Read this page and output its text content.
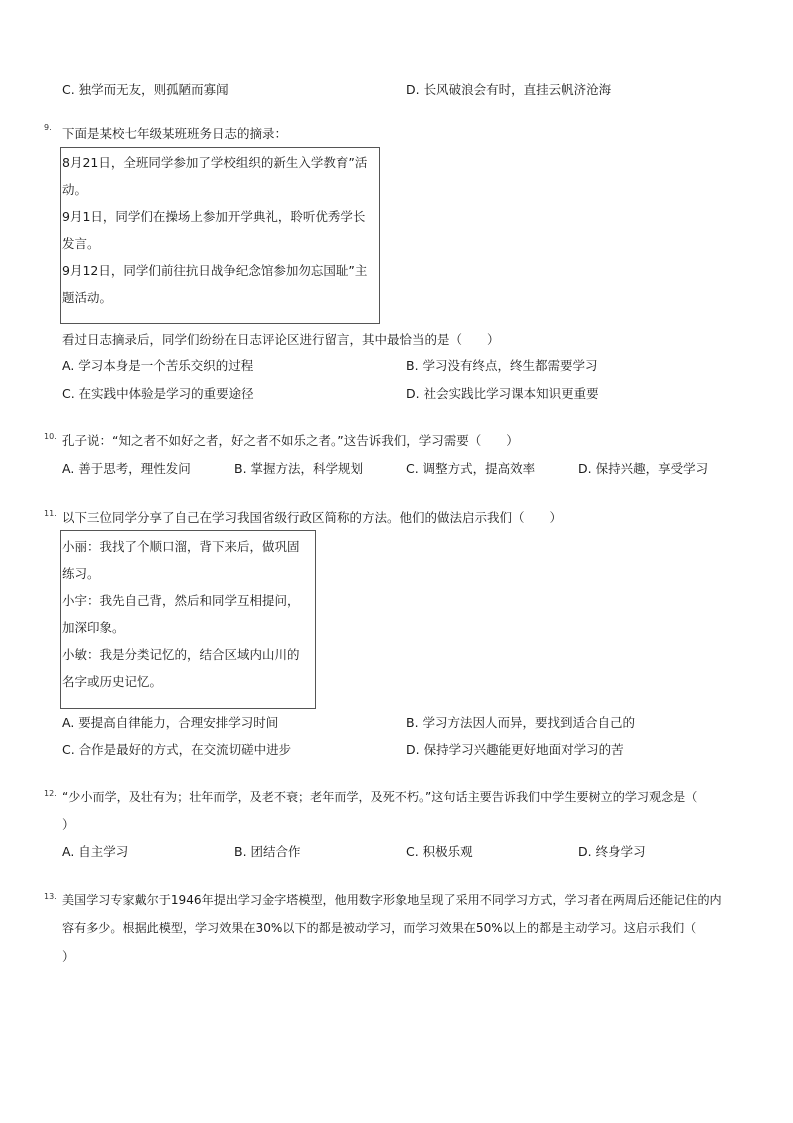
C. 独学而无友，则孤陋而寡闻	D. 长风破浪会有时，直挂云帆济沧海
9. 下面是某校七年级某班班务日志的摘录：
8月21日，全班同学参加了学校组织的新生入学教育”活
动。
9月1日，同学们在操场上参加开学典礼，聆听优秀学长
发言。
9月12日，同学们前往抗日战争纪念馆参加勿忘国耻”主
题活动。
看过日志摘录后，同学们纷纷在日志评论区进行留言，其中最恰当的是（　　）
A. 学习本身是一个苦乐交织的过程	B. 学习没有终点，终生都需要学习
C. 在实践中体验是学习的重要途径	D. 社会实践比学习课本知识更重要
10. 孔子说：“知之者不如好之者，好之者不如乐之者。”这告诉我们，学习需要（　　）
A. 善于思考，理性发问	B. 掌握方法，科学规划	C. 调整方式，提高效率	D. 保持兴趣，享受学习
11. 以下三位同学分享了自己在学习我国省级行政区简称的方法。他们的做法启示我们（　　）
小丽：我找了个顺口溜，背下来后，做巩固
练习。
小宇：我先自己背，然后和同学互相提问，
加深印象。
小敏：我是分类记忆的，结合区域内山川的
名字或历史记忆。
A. 要提高自律能力，合理安排学习时间	B. 学习方法因人而异，要找到适合自己的
C. 合作是最好的方式，在交流切磋中进步	D. 保持学习兴趣能更好地面对学习的苦
12. “少小而学，及壮有为；壮年而学，及老不衰；老年而学，及死不朽。”这句话主要告诉我们中学生要树立的学习观念是（
）
A. 自主学习	B. 团结合作	C. 积极乐观	D. 终身学习
13. 美国学习专家戴尔于1946年提出学习金字塔模型，他用数字形象地呈现了采用不同学习方式，学习者在两周后还能记住的内
容有多少。根据此模型，学习效果在30%以下的都是被动学习，而学习效果在50%以上的都是主动学习。这启示我们（
）
